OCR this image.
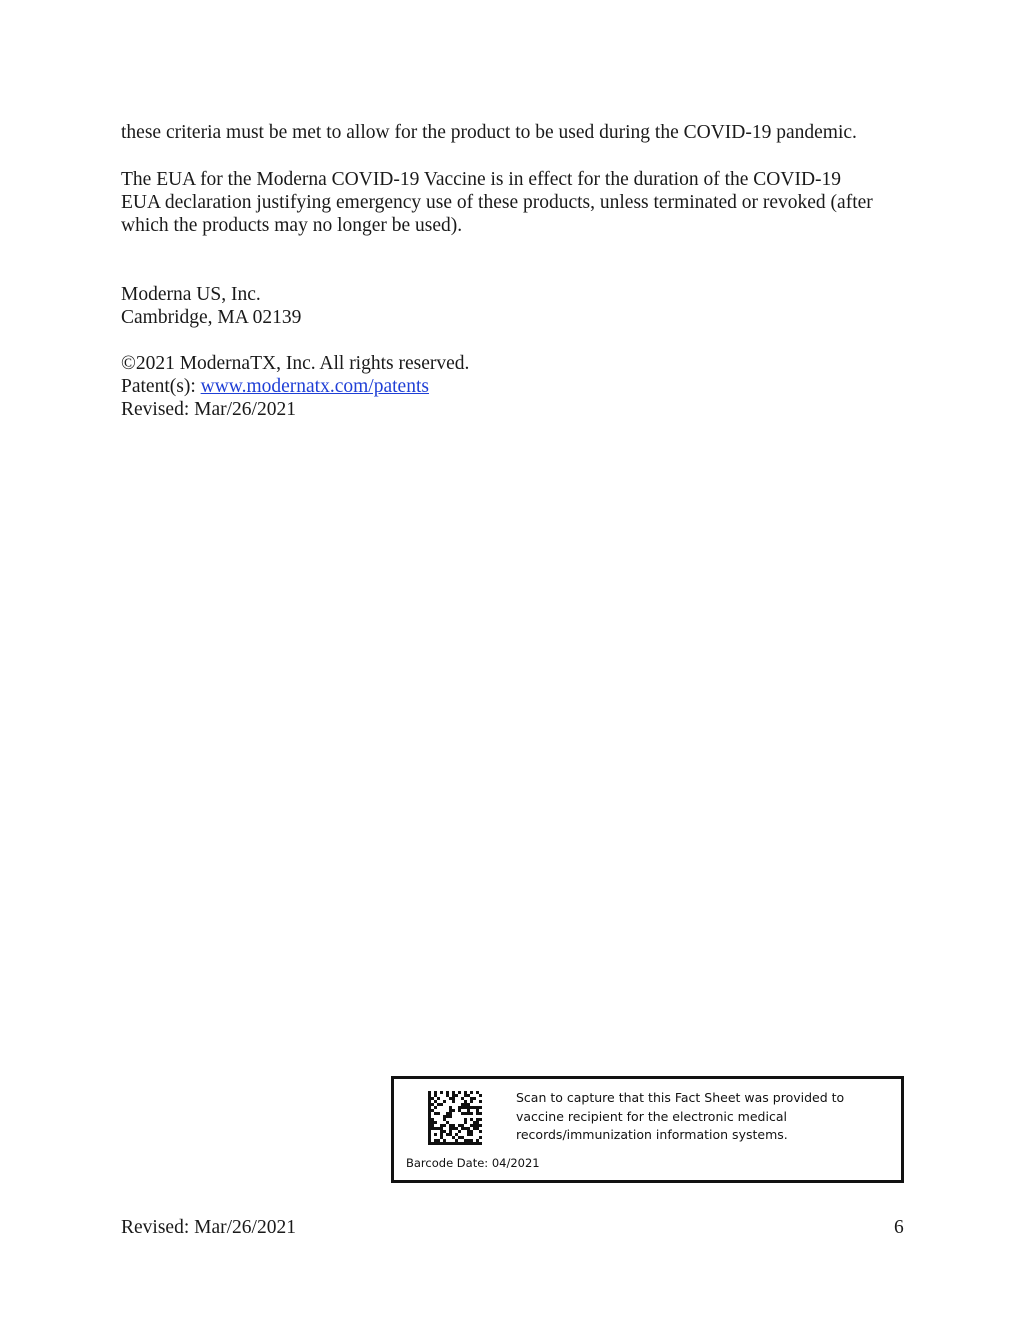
these criteria must be met to allow for the product to be used during the COVID-19 pandemic.

The EUA for the Moderna COVID-19 Vaccine is in effect for the duration of the COVID-19
EUA declaration justifying emergency use of these products, unless terminated or revoked (after
which the products may no longer be used).

Moderna US, Inc.
Cambridge, MA 02139

©2021 ModernaTX, Inc. All rights reserved.
Patent(s): www.modernatx.com/patents
Revised: Mar/26/2021

Scan to capture that this Fact Sheet was provided to vaccine recipient for the electronic medical records/immunization information systems.
Barcode Date: 04/2021
Revised: Mar/26/2021	6
